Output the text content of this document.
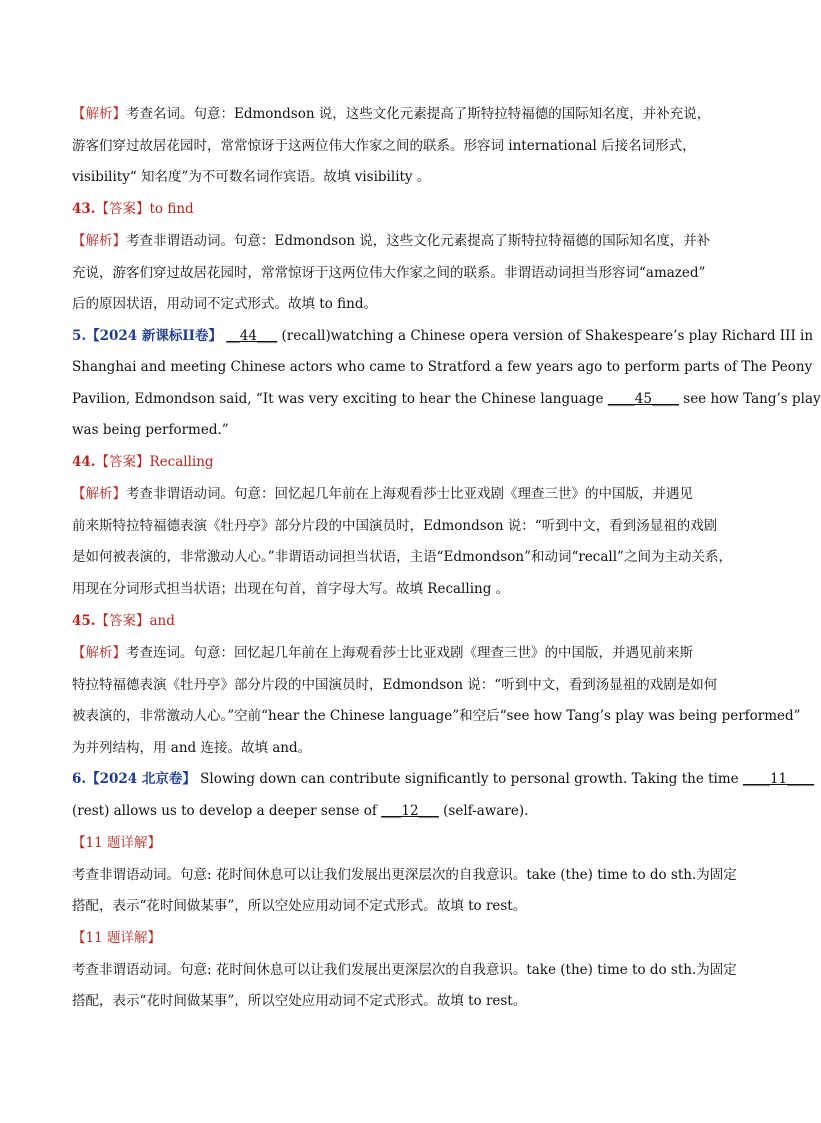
【解析】考查名词。句意：Edmondson 说，这些文化元素提高了斯特拉特福德的国际知名度，并补充说，
游客们穿过故居花园时，常常惊讶于这两位伟大作家之间的联系。形容词 international 后接名词形式，
visibility“ 知名度”为不可数名词作宾语。故填 visibility 。
43.【答案】to find
【解析】考查非谓语动词。句意：Edmondson 说，这些文化元素提高了斯特拉特福德的国际知名度，并补
充说，游客们穿过故居花园时，常常惊讶于这两位伟大作家之间的联系。非谓语动词担当形容词“amazed”
后的原因状语，用动词不定式形式。故填 to find。
5.【2024 新课标ⅠⅠ卷】 __44___ (recall)watching a Chinese opera version of Shakespeare’s play Richard III in
Shanghai and meeting Chinese actors who came to Stratford a few years ago to perform parts of The Peony
Pavilion, Edmondson said, “It was very exciting to hear the Chinese language ____45____ see how Tang’s play
was being performed.”
44.【答案】Recalling
【解析】考查非谓语动词。句意：回忆起几年前在上海观看莎士比亚戏剧《理查三世》的中国版，并遇见
前来斯特拉特福德表演《牡丹亭》部分片段的中国演员时，Edmondson 说：“听到中文，看到汤显祖的戏剧
是如何被表演的，非常激动人心。”非谓语动词担当状语，主语“Edmondson”和动词“recall”之间为主动关系，
用现在分词形式担当状语；出现在句首，首字母大写。故填 Recalling 。
45.【答案】and
【解析】考查连词。句意：回忆起几年前在上海观看莎士比亚戏剧《理查三世》的中国版，并遇见前来斯
特拉特福德表演《牡丹亭》部分片段的中国演员时，Edmondson 说：“听到中文，看到汤显祖的戏剧是如何
被表演的，非常激动人心。”空前“hear the Chinese language”和空后“see how Tang’s play was being performed”
为并列结构，用 and 连接。故填 and。
6.【2024 北京卷】 Slowing down can contribute significantly to personal growth. Taking the time ____11____
(rest) allows us to develop a deeper sense of ___12___ (self-aware).
【11 题详解】
考查非谓语动词。句意: 花时间休息可以让我们发展出更深层次的自我意识。take (the) time to do sth.为固定
搭配，表示“花时间做某事”，所以空处应用动词不定式形式。故填 to rest。
【11 题详解】
考查非谓语动词。句意: 花时间休息可以让我们发展出更深层次的自我意识。take (the) time to do sth.为固定
搭配，表示“花时间做某事”，所以空处应用动词不定式形式。故填 to rest。
